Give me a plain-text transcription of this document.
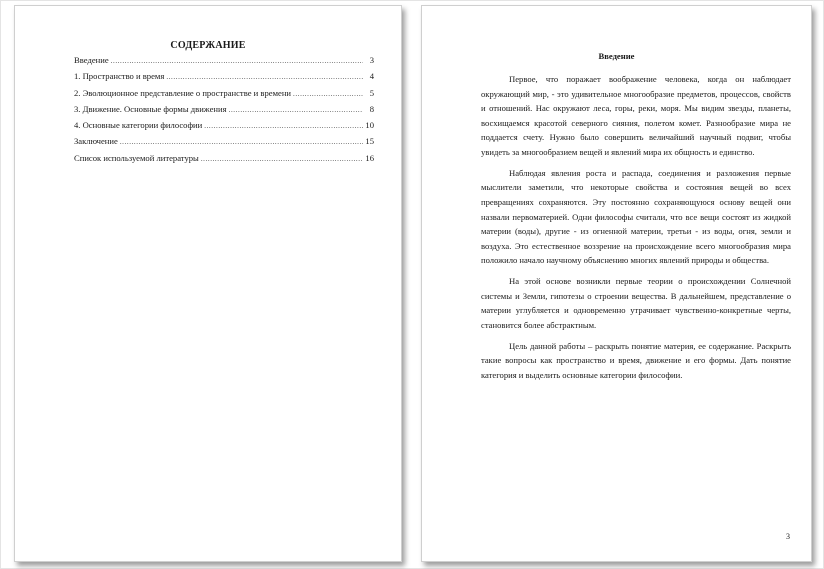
СОДЕРЖАНИЕ
Введение .....	3
1. Пространство и время .....	4
2. Эволюционное представление о пространстве и времени .....	5
3. Движение. Основные формы движения .....	8
4. Основные категории философии .....	10
Заключение .....	15
Список используемой литературы .....	16
Введение

Первое, что поражает воображение человека, когда он наблюдает окружающий мир, - это удивительное многообразие предметов, процессов, свойств и отношений. Нас окружают леса, горы, реки, моря. Мы видим звезды, планеты, восхищаемся красотой северного сияния, полетом комет. Разнообразие мира не поддается счету. Нужно было совершить величайший научный подвиг, чтобы увидеть за многообразием вещей и явлений мира их общность и единство.

Наблюдая явления роста и распада, соединения и разложения первые мыслители заметили, что некоторые свойства и состояния вещей во всех превращениях сохраняются. Эту постоянно сохраняющуюся основу вещей они назвали первоматерией. Одни философы считали, что все вещи состоят из жидкой материи (воды), другие - из огненной материи, третьи - из воды, огня, земли и воздуха. Это естественное воззрение на происхождение всего многообразия мира положило начало научному объяснению многих явлений природы и общества.

На этой основе возникли первые теории о происхождении Солнечной системы и Земли, гипотезы о строении вещества. В дальнейшем, представление о материи углубляется и одновременно утрачивает чувственно-конкретные черты, становится более абстрактным.

Цель данной работы – раскрыть понятие материя, ее содержание. Раскрыть такие вопросы как пространство и время, движение и его формы. Дать понятие категория и выделить основные категории философии.

3
